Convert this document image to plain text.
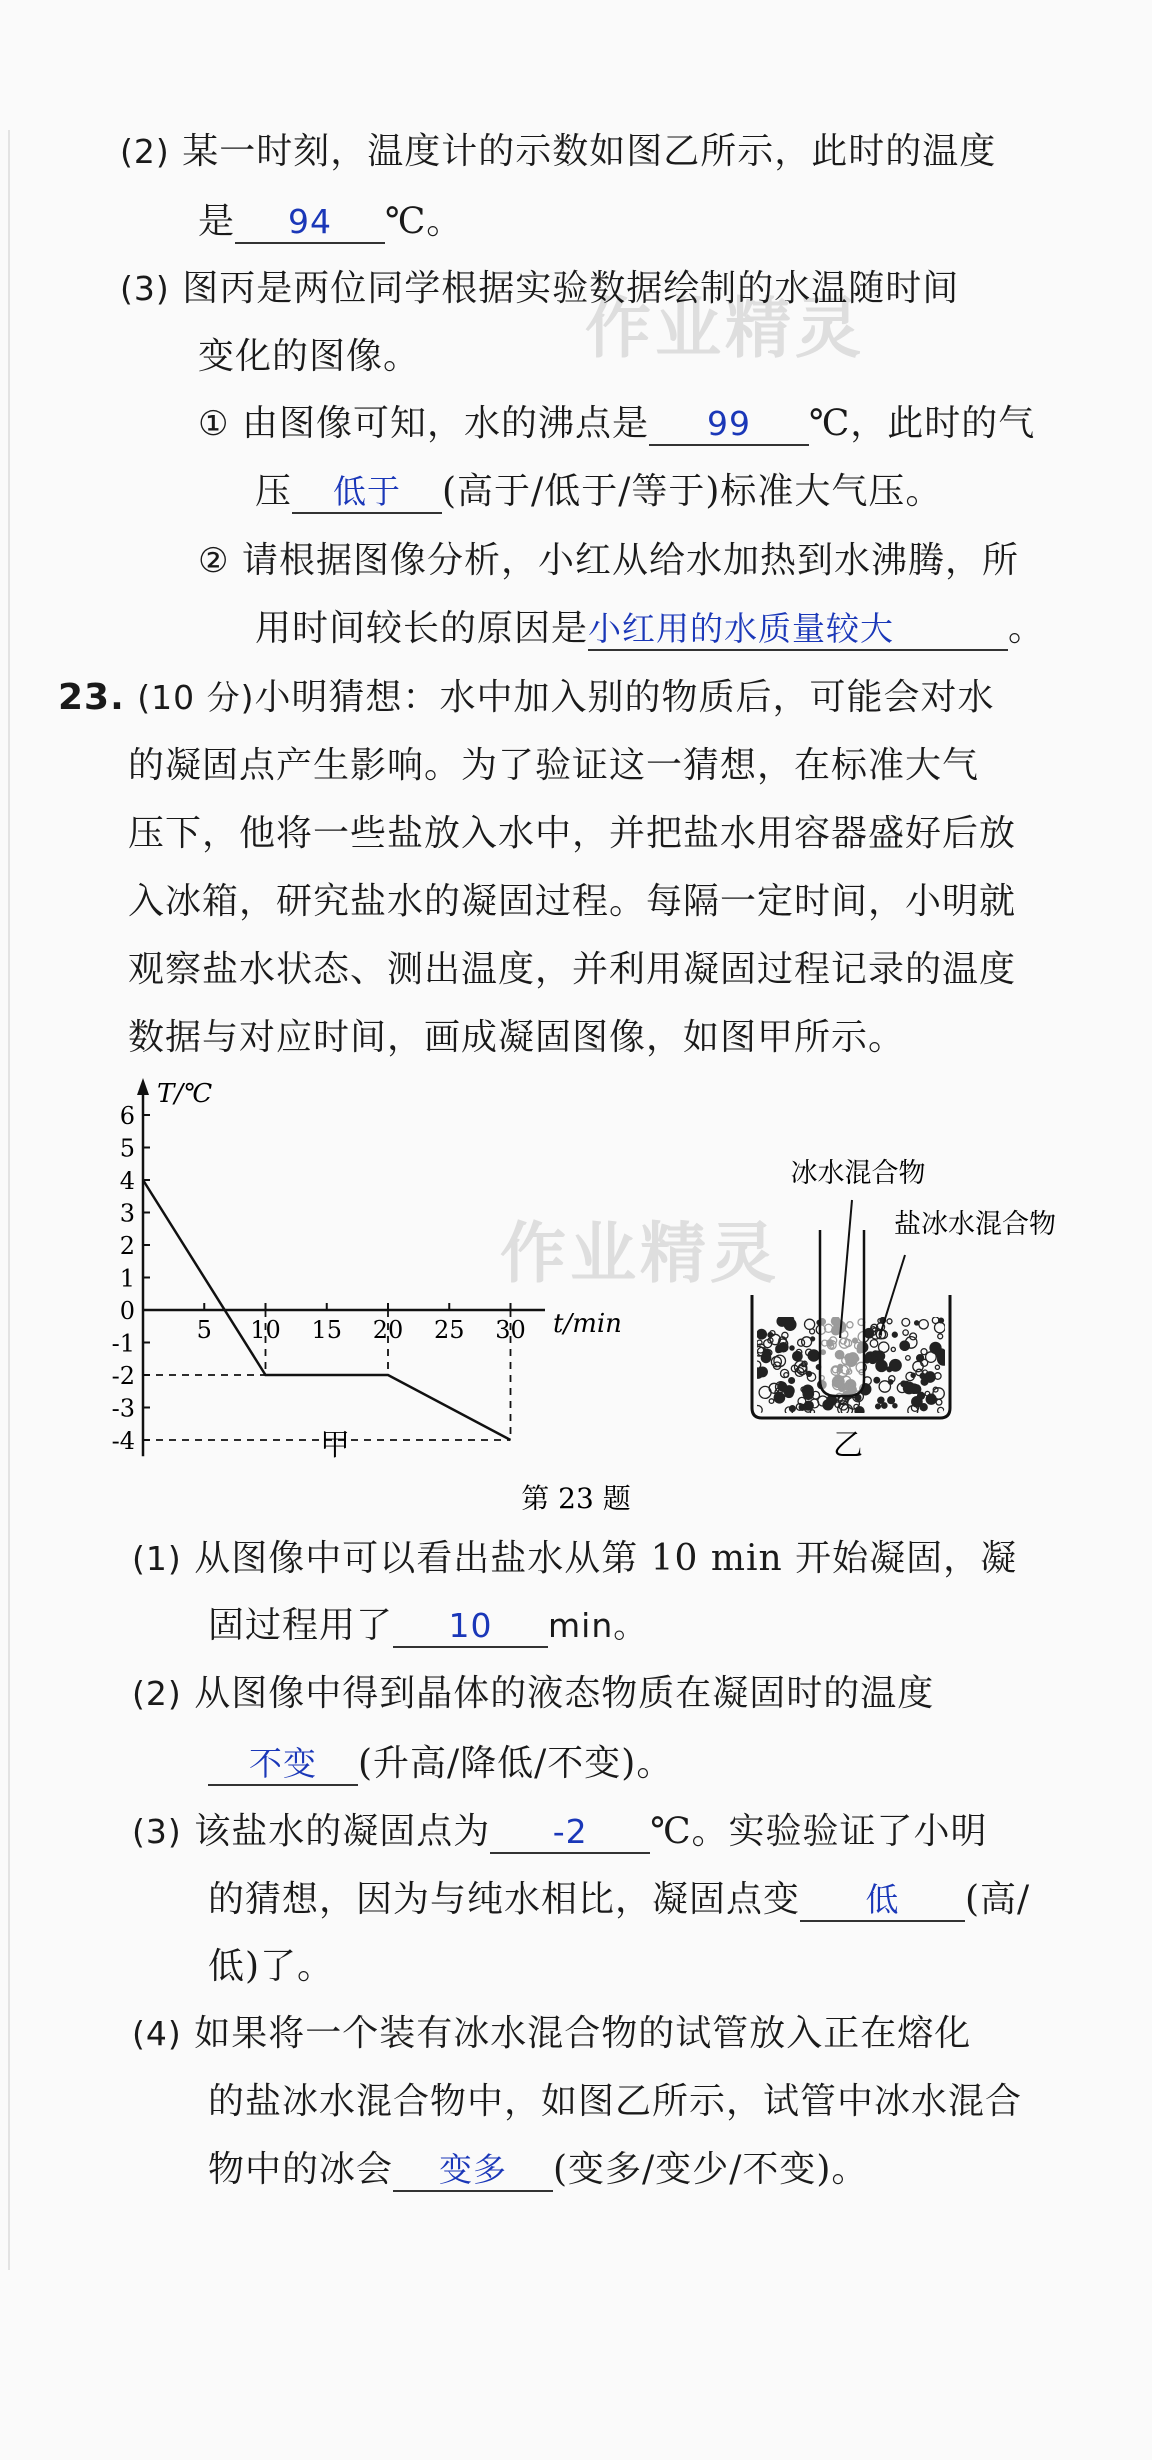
作业精灵
作业精灵
(2) 某一时刻，温度计的示数如图乙所示，此时的温度
是 94 ℃。
(3) 图丙是两位同学根据实验数据绘制的水温随时间
变化的图像。
① 由图像可知，水的沸点是 99 ℃，此时的气
压 低于 (高于/低于/等于)标准大气压。
② 请根据图像分析，小红从给水加热到水沸腾，所
用时间较长的原因是小红用的水质量较大	。
23. (10 分)小明猜想：水中加入别的物质后，可能会对水
的凝固点产生影响。为了验证这一猜想，在标准大气
压下，他将一些盐放入水中，并把盐水用容器盛好后放
入冰箱，研究盐水的凝固过程。每隔一定时间，小明就
观察盐水状态、测出温度，并利用凝固过程记录的温度
数据与对应时间，画成凝固图像，如图甲所示。
T/℃
t/min
6
5
4
3
2
1
0
-1
-2
-3
-4
5 10 15 20 25 30
甲
冰水混合物
盐冰水混合物
乙
第 23 题
(1) 从图像中可以看出盐水从第 10 min 开始凝固，凝
固过程用了 10 min。
(2) 从图像中得到晶体的液态物质在凝固时的温度
不变 (升高/降低/不变)。
(3) 该盐水的凝固点为 -2 ℃。实验验证了小明
的猜想，因为与纯水相比，凝固点变 低 (高/
低)了。
(4) 如果将一个装有冰水混合物的试管放入正在熔化
的盐冰水混合物中，如图乙所示，试管中冰水混合
物中的冰会 变多 (变多/变少/不变)。
